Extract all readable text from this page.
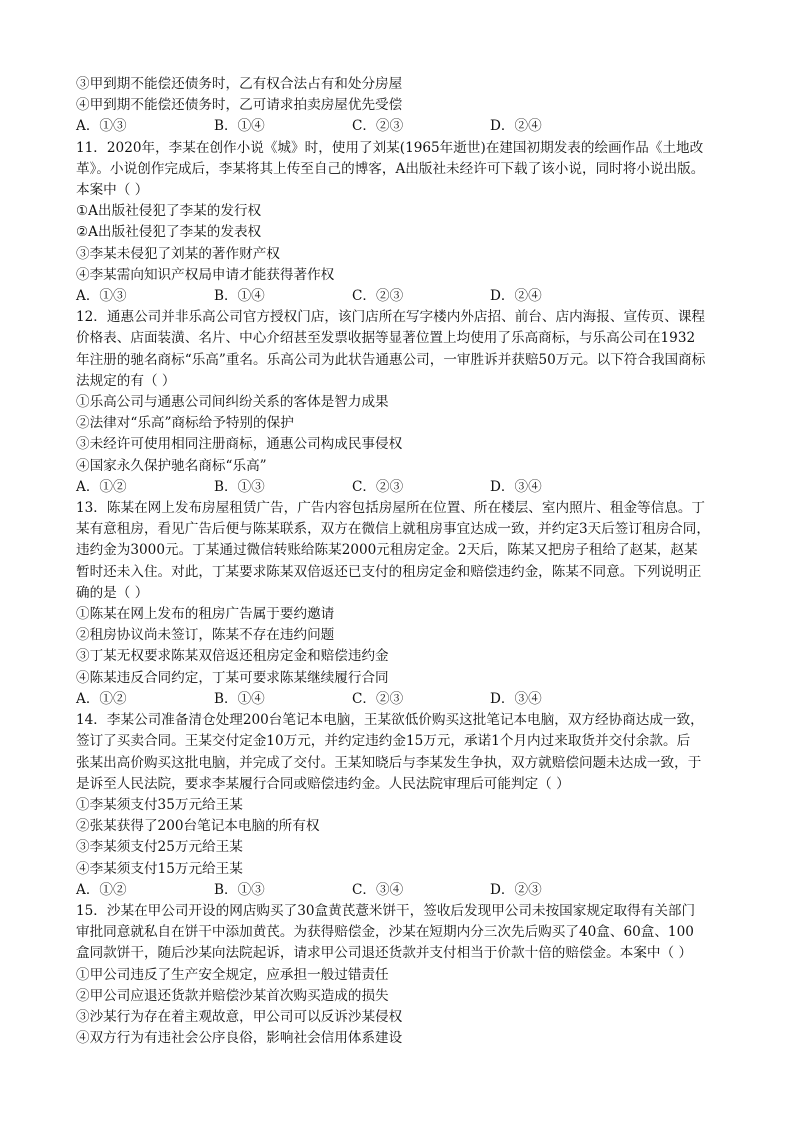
③甲到期不能偿还债务时，乙有权合法占有和处分房屋
④甲到期不能偿还债务时，乙可请求拍卖房屋优先受偿
A．①③	B．①④	C．②③	D．②④
11．2020年，李某在创作小说《城》时，使用了刘某(1965年逝世)在建国初期发表的绘画作品《土地改
革》。小说创作完成后，李某将其上传至自己的博客，A出版社未经许可下载了该小说，同时将小说出版。
本案中（ ）
①A出版社侵犯了李某的发行权
②A出版社侵犯了李某的发表权
③李某未侵犯了刘某的著作财产权
④李某需向知识产权局申请才能获得著作权
A．①③	B．①④	C．②③	D．②④
12．通惠公司并非乐高公司官方授权门店，该门店所在写字楼内外店招、前台、店内海报、宣传页、课程
价格表、店面装潢、名片、中心介绍甚至发票收据等显著位置上均使用了乐高商标，与乐高公司在1932
年注册的驰名商标“乐高”重名。乐高公司为此状告通惠公司，一审胜诉并获赔50万元。以下符合我国商标
法规定的有（ ）
①乐高公司与通惠公司间纠纷关系的客体是智力成果
②法律对“乐高”商标给予特别的保护
③未经许可使用相同注册商标，通惠公司构成民事侵权
④国家永久保护驰名商标“乐高”
A．①②	B．①③	C．②③	D．③④
13．陈某在网上发布房屋租赁广告，广告内容包括房屋所在位置、所在楼层、室内照片、租金等信息。丁
某有意租房，看见广告后便与陈某联系，双方在微信上就租房事宜达成一致，并约定3天后签订租房合同，
违约金为3000元。丁某通过微信转账给陈某2000元租房定金。2天后，陈某又把房子租给了赵某，赵某
暂时还未入住。对此，丁某要求陈某双倍返还已支付的租房定金和赔偿违约金，陈某不同意。下列说明正
确的是（ ）
①陈某在网上发布的租房广告属于要约邀请
②租房协议尚未签订，陈某不存在违约问题
③丁某无权要求陈某双倍返还租房定金和赔偿违约金
④陈某违反合同约定，丁某可要求陈某继续履行合同
A．①②	B．①④	C．②③	D．③④
14．李某公司准备清仓处理200台笔记本电脑，王某欲低价购买这批笔记本电脑，双方经协商达成一致，
签订了买卖合同。王某交付定金10万元，并约定违约金15万元，承诺1个月内过来取货并交付余款。后
张某出高价购买这批电脑，并完成了交付。王某知晓后与李某发生争执，双方就赔偿问题未达成一致，于
是诉至人民法院，要求李某履行合同或赔偿违约金。人民法院审理后可能判定（ ）
①李某须支付35万元给王某
②张某获得了200台笔记本电脑的所有权
③李某须支付25万元给王某
④李某须支付15万元给王某
A．①②	B．①③	C．③④	D．②③
15．沙某在甲公司开设的网店购买了30盒黄芪薏米饼干，签收后发现甲公司未按国家规定取得有关部门
审批同意就私自在饼干中添加黄芪。为获得赔偿金，沙某在短期内分三次先后购买了40盒、60盒、100
盒同款饼干，随后沙某向法院起诉，请求甲公司退还货款并支付相当于价款十倍的赔偿金。本案中（ ）
①甲公司违反了生产安全规定，应承担一般过错责任
②甲公司应退还货款并赔偿沙某首次购买造成的损失
③沙某行为存在着主观故意，甲公司可以反诉沙某侵权
④双方行为有违社会公序良俗，影响社会信用体系建设
